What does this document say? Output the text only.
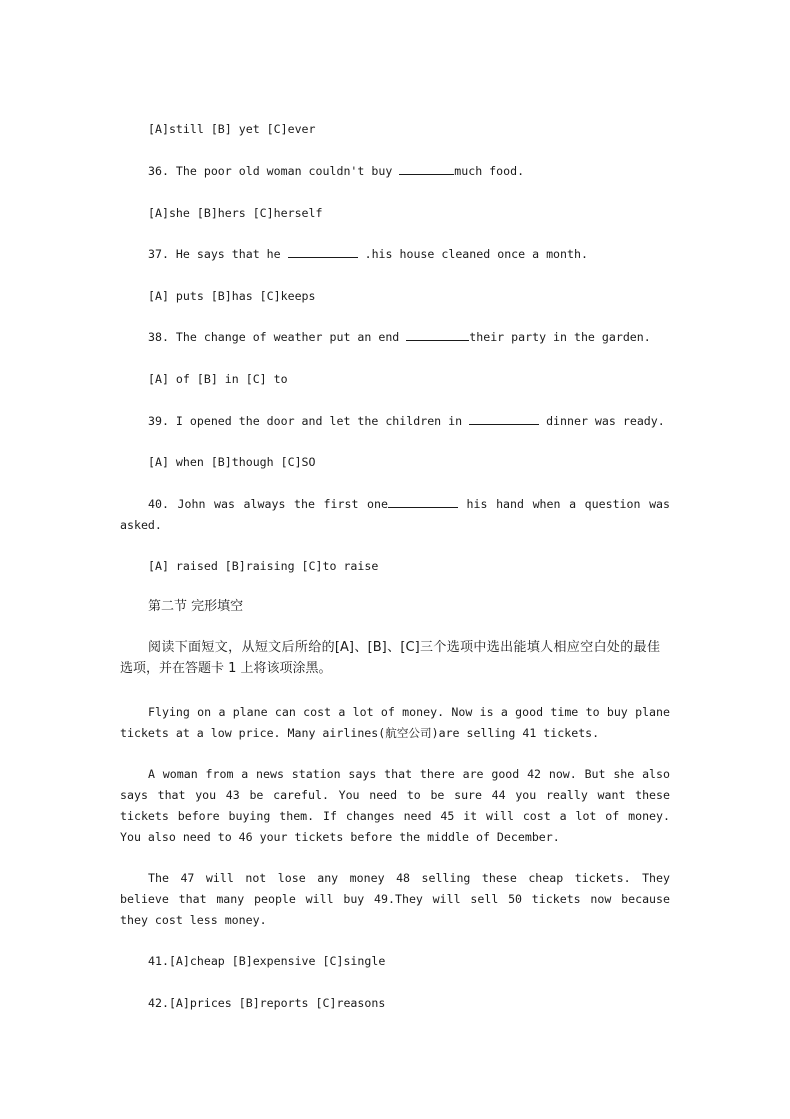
[A]still [B] yet [C]ever

36. The poor old woman couldn't buy	much food.

[A]she [B]hers [C]herself

37. He says that he	.his house cleaned once a month.

[A] puts [B]has [C]keeps

38. The change of weather put an end	their party in the garden.

[A] of [B] in [C] to

39. I opened the door and let the children in	dinner was ready.

[A] when [B]though [C]SO

40. John was always the first one	his hand when a question was asked.

[A] raised [B]raising [C]to raise

第二节 完形填空

阅读下面短文，从短文后所给的[A]、[B]、[C]三个选项中选出能填人相应空白处的最佳选项，并在答题卡 1 上将该项涂黑。

Flying on a plane can cost a lot of money. Now is a good time to buy plane tickets at a low price. Many airlines(航空公司)are selling 41 tickets.

A woman from a news station says that there are good 42 now. But she also says that you 43 be careful. You need to be sure 44 you really want these tickets before buying them. If changes need 45 it will cost a lot of money. You also need to 46 your tickets before the middle of December.

The 47 will not lose any money 48 selling these cheap tickets. They believe that many people will buy 49.They will sell 50 tickets now because they cost less money.

41.[A]cheap [B]expensive [C]single

42.[A]prices [B]reports [C]reasons
